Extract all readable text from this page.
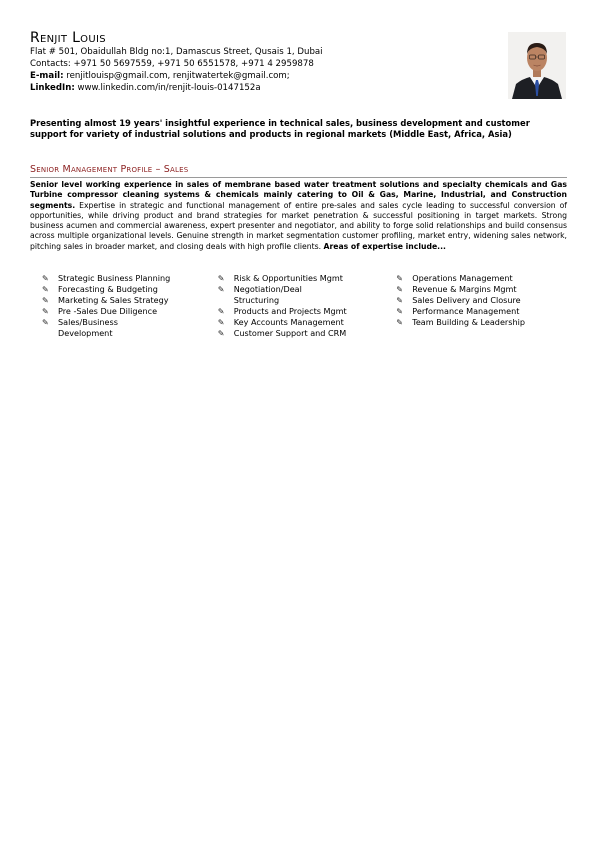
Renjit Louis
Flat # 501, Obaidullah Bldg no:1, Damascus Street, Qusais 1, Dubai
Contacts: +971 50 5697559, +971 50 6551578, +971 4 2959878
E-mail: renjitlouisp@gmail.com, renjitwatertek@gmail.com;
LinkedIn: www.linkedin.com/in/renjit-louis-0147152a
Presenting almost 19 years' insightful experience in technical sales, business development and customer support for variety of industrial solutions and products in regional markets (Middle East, Africa, Asia)
Senior Management Profile – Sales
Senior level working experience in sales of membrane based water treatment solutions and specialty chemicals and Gas Turbine compressor cleaning systems & chemicals mainly catering to Oil & Gas, Marine, Industrial, and Construction segments. Expertise in strategic and functional management of entire pre-sales and sales cycle leading to successful conversion of opportunities, while driving product and brand strategies for market penetration & successful positioning in target markets. Strong business acumen and commercial awareness, expert presenter and negotiator, and ability to forge solid relationships and build consensus across multiple organizational levels. Genuine strength in market segmentation customer profiling, market entry, widening sales network, pitching sales in broader market, and closing deals with high profile clients. Areas of expertise include...
✎	Strategic Business Planning
✎	Forecasting & Budgeting
✎	Marketing & Sales Strategy
✎	Pre -Sales Due Diligence
✎	Sales/Business Development
✎	Risk & Opportunities Mgmt
✎	Negotiation/Deal Structuring
✎	Products and Projects Mgmt
✎	Key Accounts Management
✎	Customer Support and CRM
✎	Operations Management
✎	Revenue & Margins Mgmt
✎	Sales Delivery and Closure
✎	Performance Management
✎	Team Building & Leadership
